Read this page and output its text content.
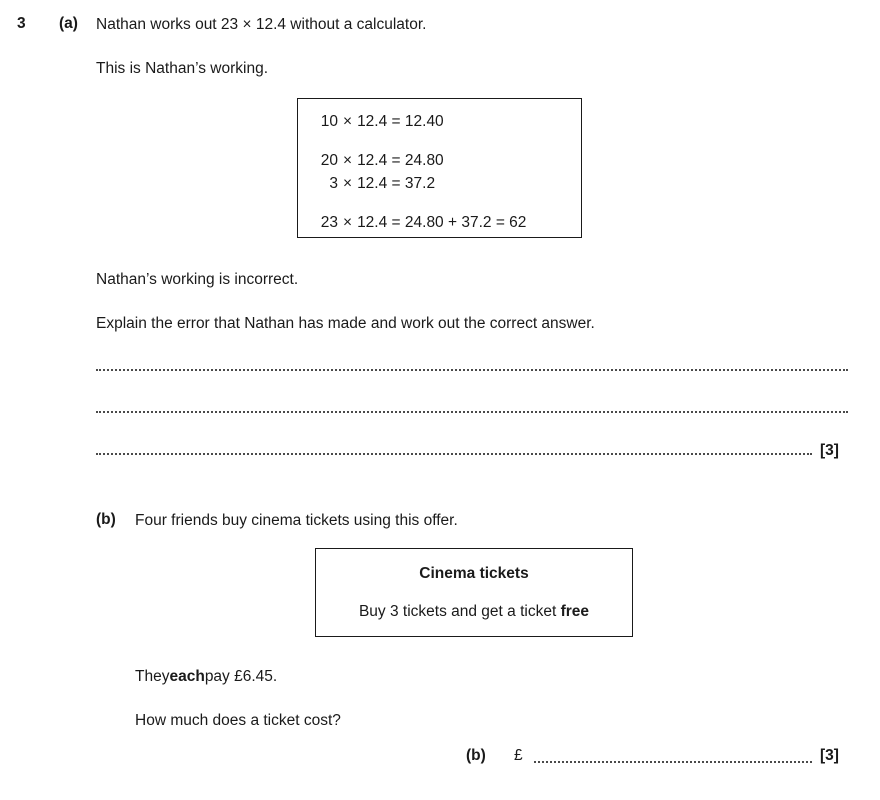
3 (a) Nathan works out 23 × 12.4 without a calculator.
This is Nathan’s working.
10 × 12.4 = 12.40
20 × 12.4 = 24.80
3 × 12.4 = 37.2
23 × 12.4 = 24.80 + 37.2 = 62
Nathan’s working is incorrect.
Explain the error that Nathan has made and work out the correct answer.
[3]
(b) Four friends buy cinema tickets using this offer.
Cinema tickets
Buy 3 tickets and get a ticket free
They each pay £6.45.
How much does a ticket cost?
(b) £	[3]
